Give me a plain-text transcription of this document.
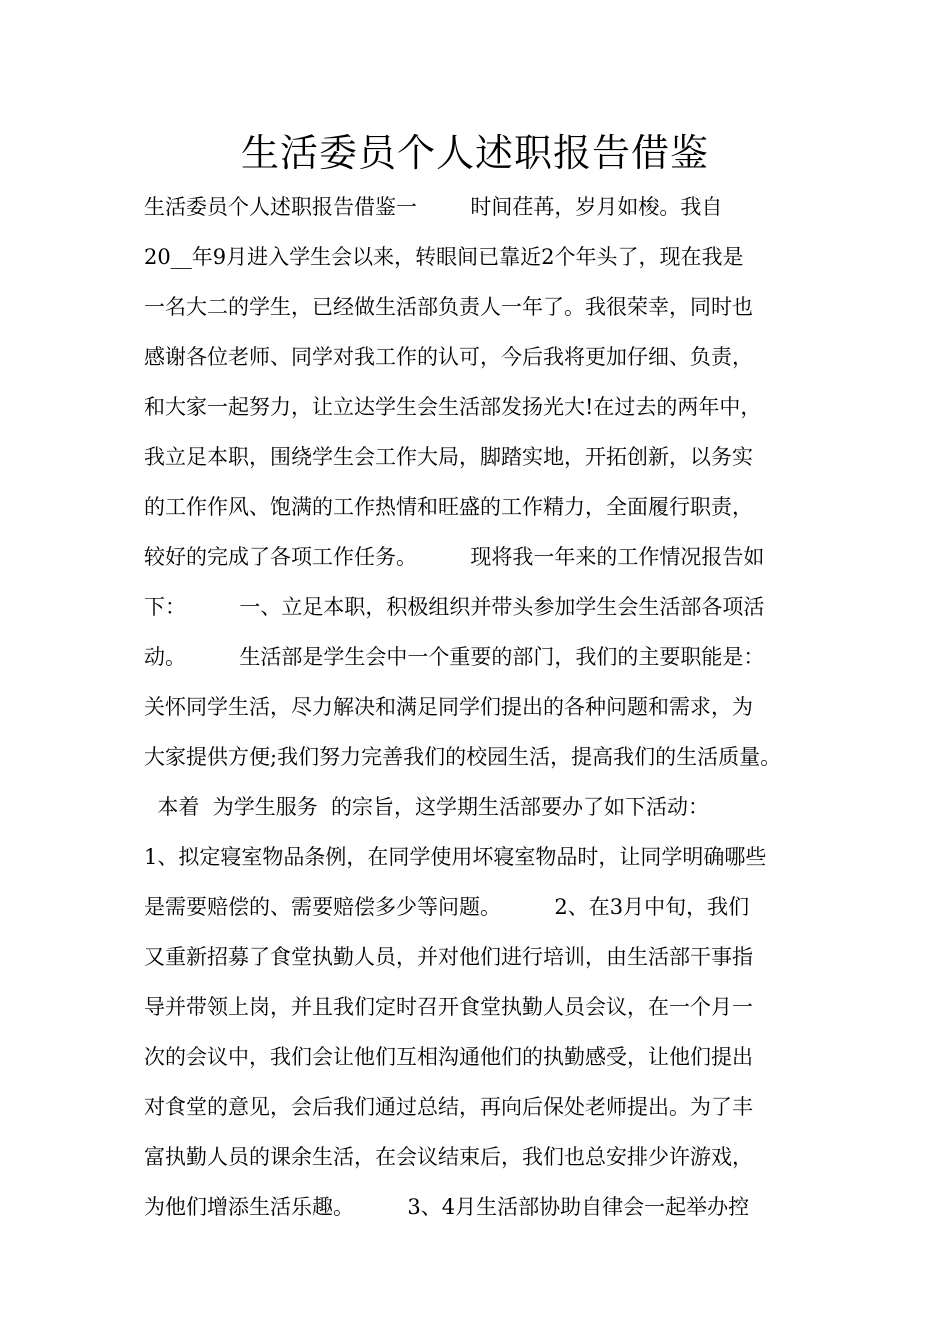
生活委员个人述职报告借鉴
生活委员个人述职报告借鉴一        时间荏苒，岁月如梭。我自
20__年9月进入学生会以来，转眼间已靠近2个年头了，现在我是
一名大二的学生，已经做生活部负责人一年了。我很荣幸，同时也
感谢各位老师、同学对我工作的认可，今后我将更加仔细、负责，
和大家一起努力，让立达学生会生活部发扬光大!在过去的两年中，
我立足本职，围绕学生会工作大局，脚踏实地，开拓创新，以务实
的工作作风、饱满的工作热情和旺盛的工作精力，全面履行职责，
较好的完成了各项工作任务。        现将我一年来的工作情况报告如
下：        一、立足本职，积极组织并带头参加学生会生活部各项活
动。        生活部是学生会中一个重要的部门，我们的主要职能是：
关怀同学生活，尽力解决和满足同学们提出的各种问题和需求，为
大家提供方便;我们努力完善我们的校园生活，提高我们的生活质量。
本着  为学生服务  的宗旨，这学期生活部要办了如下活动：
1、拟定寝室物品条例，在同学使用坏寝室物品时，让同学明确哪些
是需要赔偿的、需要赔偿多少等问题。        2、在3月中旬，我们
又重新招募了食堂执勤人员，并对他们进行培训，由生活部干事指
导并带领上岗，并且我们定时召开食堂执勤人员会议，在一个月一
次的会议中，我们会让他们互相沟通他们的执勤感受，让他们提出
对食堂的意见，会后我们通过总结，再向后保处老师提出。为了丰
富执勤人员的课余生活，在会议结束后，我们也总安排少许游戏，
为他们增添生活乐趣。        3、4月生活部协助自律会一起举办控
